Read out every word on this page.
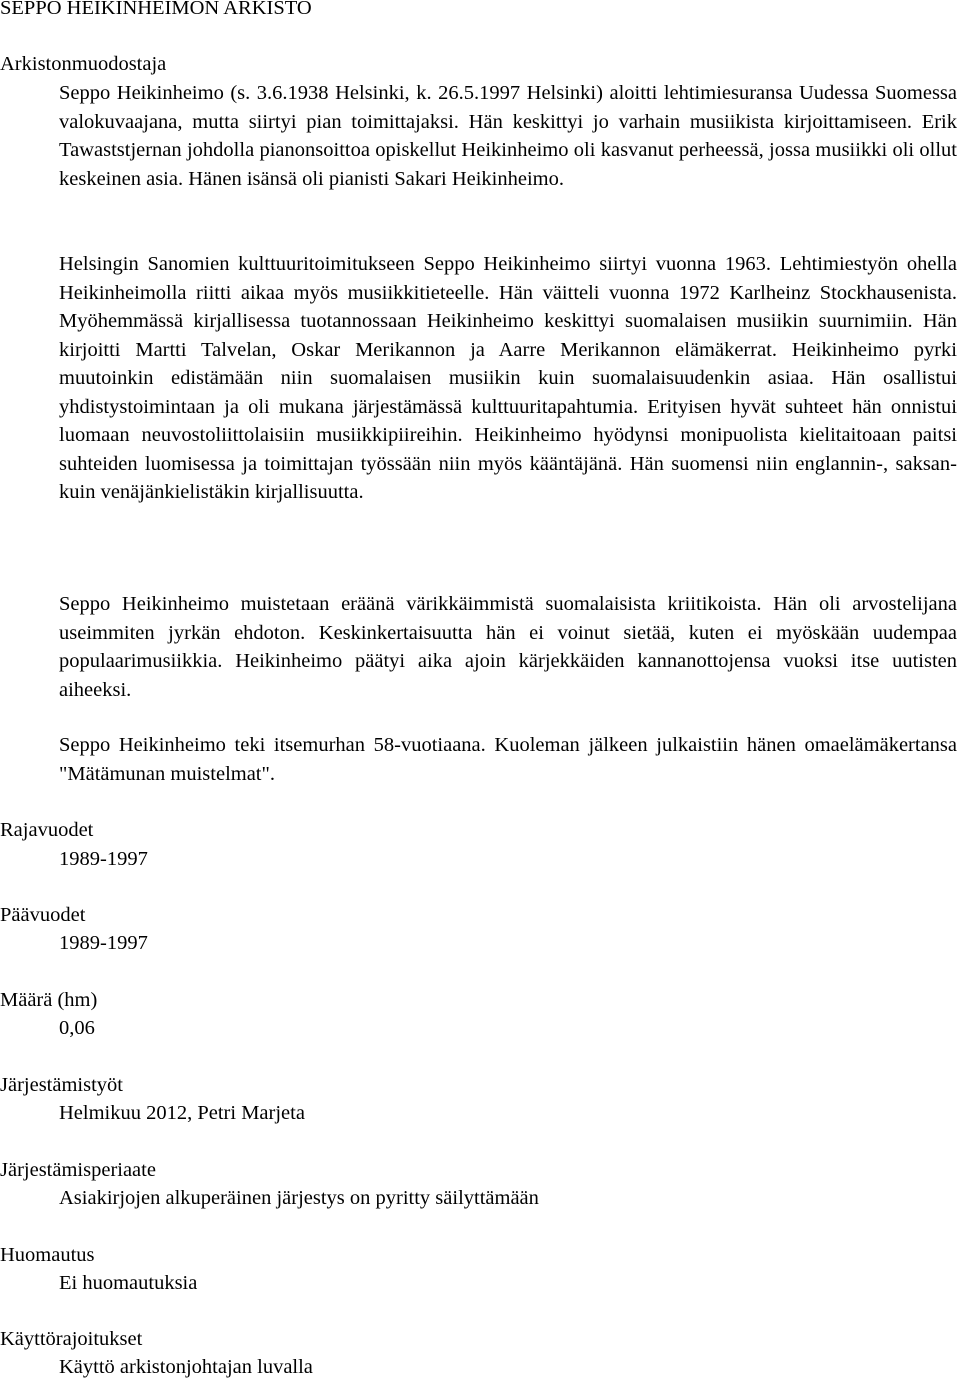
SEPPO HEIKINHEIMON ARKISTO
Arkistonmuodostaja
Seppo Heikinheimo (s. 3.6.1938 Helsinki, k. 26.5.1997 Helsinki) aloitti lehtimiesuransa Uudessa Suomessa valokuvaajana, mutta siirtyi pian toimittajaksi. Hän keskittyi jo varhain musiikista kirjoittamiseen. Erik Tawaststjernan johdolla pianonsoittoa opiskellut Heikinheimo oli kasvanut perheessä, jossa musiikki oli ollut keskeinen asia. Hänen isänsä oli pianisti Sakari Heikinheimo.
Helsingin Sanomien kulttuuritoimitukseen Seppo Heikinheimo siirtyi vuonna 1963. Lehtimiestyön ohella Heikinheimolla riitti aikaa myös musiikkitieteelle. Hän väitteli vuonna 1972 Karlheinz Stockhausenista. Myöhemmässä kirjallisessa tuotannossaan Heikinheimo keskittyi suomalaisen musiikin suurnimiin. Hän kirjoitti Martti Talvelan, Oskar Merikannon ja Aarre Merikannon elämäkerrat. Heikinheimo pyrki muutoinkin edistämään niin suomalaisen musiikin kuin suomalaisuudenkin asiaa. Hän osallistui yhdistystoimintaan ja oli mukana järjestämässä kulttuuritapahtumia. Erityisen hyvät suhteet hän onnistui luomaan neuvostoliittolaisiin musiikkipiireihin. Heikinheimo hyödynsi monipuolista kielitaitoaan paitsi suhteiden luomisessa ja toimittajan työssään niin myös kääntäjänä. Hän suomensi niin englannin-, saksan- kuin venäjänkielistäkin kirjallisuutta.
Seppo Heikinheimo muistetaan eräänä värikkäimmistä suomalaisista kriitikoista. Hän oli arvostelijana useimmiten jyrkän ehdoton. Keskinkertaisuutta hän ei voinut sietää, kuten ei myöskään uudempaa populaarimusiikkia. Heikinheimo päätyi aika ajoin kärjekkäiden kannanottojensa vuoksi itse uutisten aiheeksi.
Seppo Heikinheimo teki itsemurhan 58-vuotiaana. Kuoleman jälkeen julkaistiin hänen omaelämäkertansa "Mätämunan muistelmat".
Rajavuodet
1989-1997
Päävuodet
1989-1997
Määrä (hm)
0,06
Järjestämistyöt
Helmikuu 2012, Petri Marjeta
Järjestämisperiaate
Asiakirjojen alkuperäinen järjestys on pyritty säilyttämään
Huomautus
Ei huomautuksia
Käyttörajoitukset
Käyttö arkistonjohtajan luvalla
